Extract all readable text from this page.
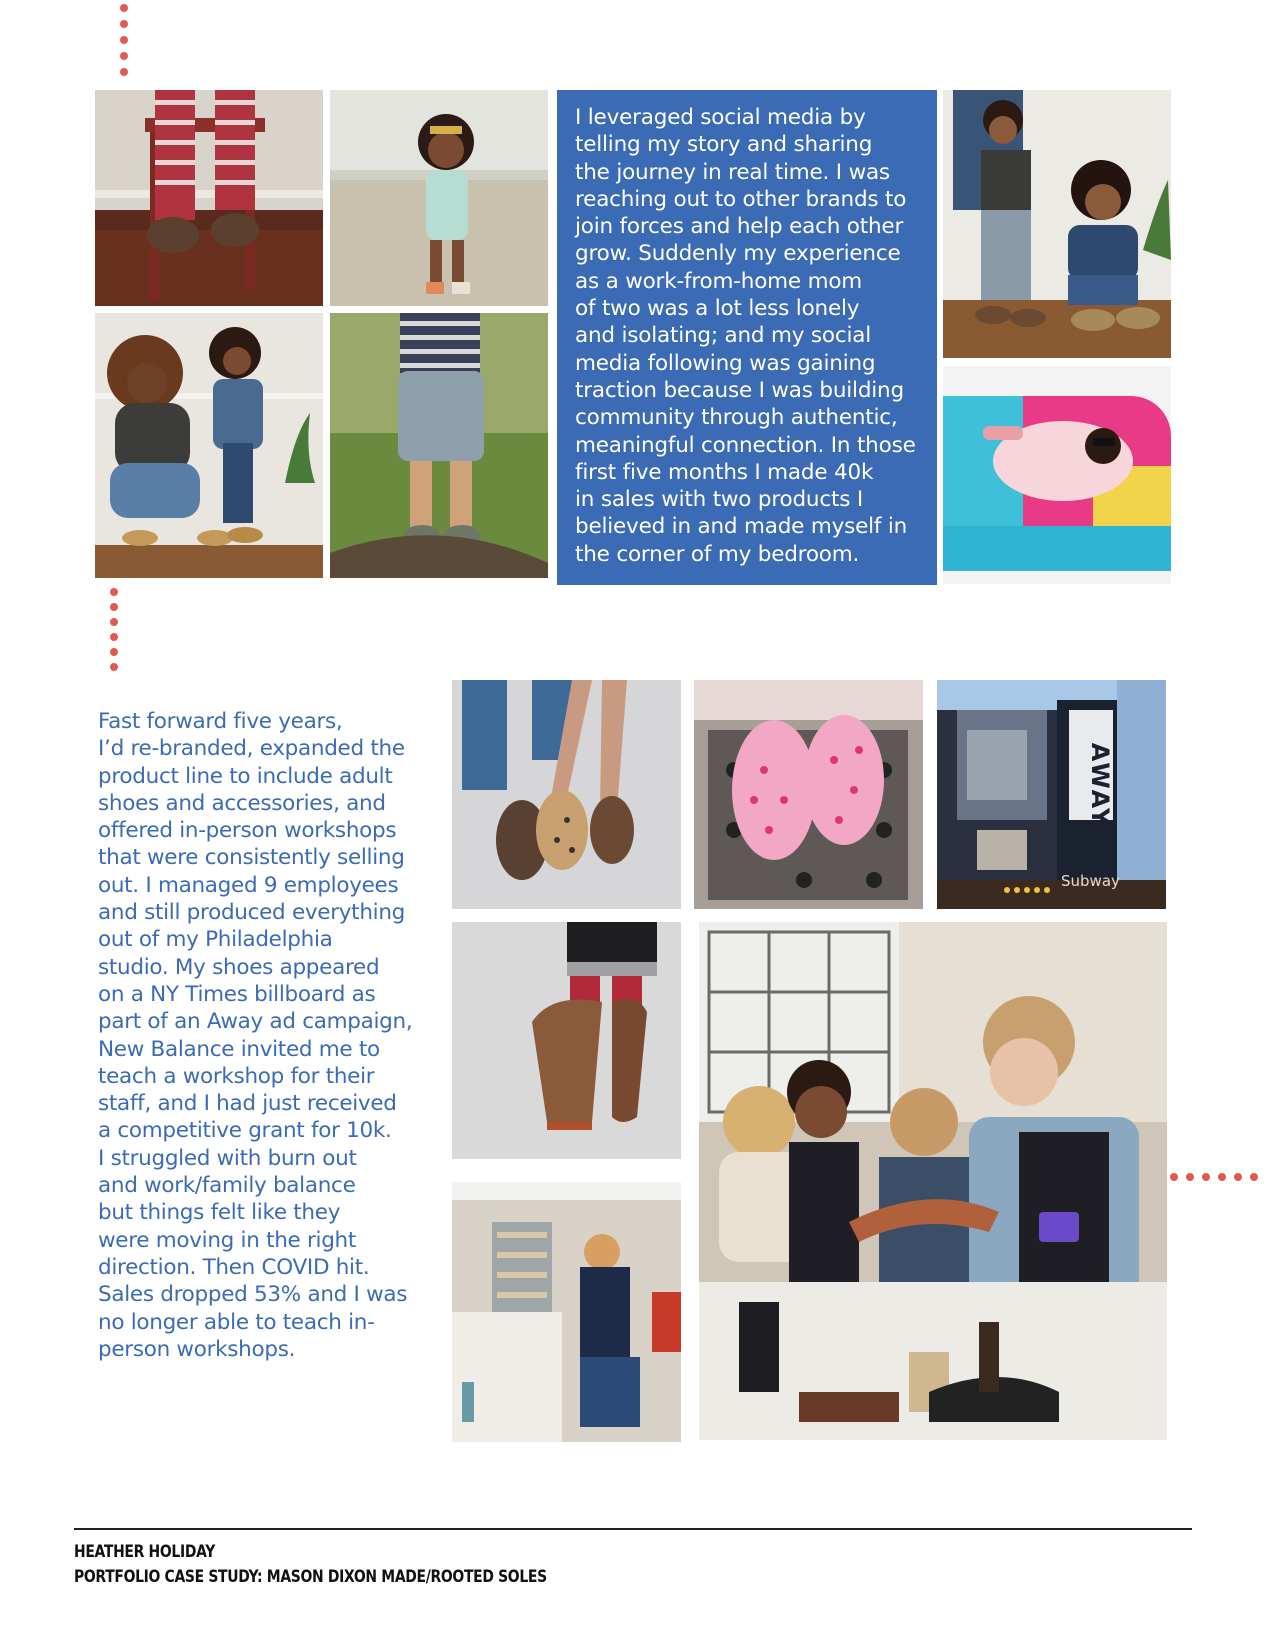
I leveraged social media by
telling my story and sharing
the journey in real time. I was
reaching out to other brands to
join forces and help each other
grow. Suddenly my experience
as a work-from-home mom
of two was a lot less lonely
and isolating; and my social
media following was gaining
traction because I was building
community through authentic,
meaningful connection. In those
first five months I made 40k
in sales with two products I
believed in and made myself in
the corner of my bedroom.

Fast forward five years,
I’d re-branded, expanded the
product line to include adult
shoes and accessories, and
offered in-person workshops
that were consistently selling
out. I managed 9 employees
and still produced everything
out of my Philadelphia
studio. My shoes appeared
on a NY Times billboard as
part of an Away ad campaign,
New Balance invited me to
teach a workshop for their
staff, and I had just received
a competitive grant for 10k.
I struggled with burn out
and work/family balance
but things felt like they
were moving in the right
direction. Then COVID hit.
Sales dropped 53% and I was
no longer able to teach in-
person workshops.

AWAY
Subway
HEATHER HOLIDAY
PORTFOLIO CASE STUDY: MASON DIXON MADE/ROOTED SOLES
